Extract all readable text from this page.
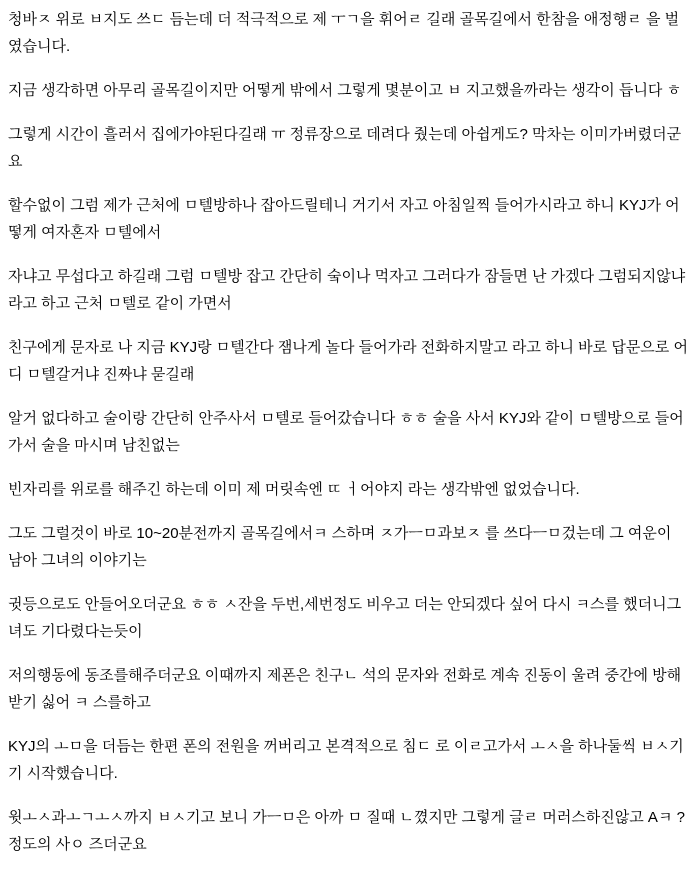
청바ㅈ 위로 ㅂ지도 쓰ㄷ 듬는데 더 적극적으로 제 ㅜㄱ을 휘어ㄹ 길래 골목길에서 한참을 애정행ㄹ 을 벌였습니다.

지금 생각하면 아무리 골목길이지만 어떻게 밖에서 그렇게 몇분이고 ㅂ 지고했을까라는 생각이 듭니다 ㅎ

그렇게 시간이 흘러서 집에가야된다길래 ㅠ 정류장으로 데려다 줬는데 아쉽게도? 막차는 이미가버렸더군요

할수없이 그럼 제가 근처에 ㅁ텔방하나 잡아드릴테니 거기서 자고 아침일찍 들어가시라고 하니 KYJ가 어떻게 여자혼자 ㅁ텔에서

자냐고 무섭다고 하길래 그럼 ㅁ텔방 잡고 간단히 숰이나 먹자고 그러다가 잠들면 난 가겠다 그럼되지않냐라고 하고 근처 ㅁ텔로 같이 가면서

친구에게 문자로 나 지금 KYJ랑 ㅁ텔간다 잼나게 놀다 들어가라 전화하지말고 라고 하니 바로 답문으로 어디 ㅁ텔갈거냐 진짜냐 묻길래

알거 없다하고 술이랑 간단히 안주사서 ㅁ텔로 들어갔습니다 ㅎㅎ 술을 사서 KYJ와 같이 ㅁ텔방으로 들어가서 술을 마시며 남친없는

빈자리를 위로를 해주긴 하는데 이미 제 머릿속엔 ㄸ ㅓ어야지 라는 생각밖엔 없었습니다.

그도 그럴것이 바로 10~20분전까지 골목길에서ㅋ 스하며 ㅈ가ㅡㅁ과보ㅈ 를 쓰다ㅡㅁ겄는데 그 여운이 남아 그녀의 이야기는

귓등으로도 안들어오더군요 ㅎㅎ ㅅ잔을 두번,세번정도 비우고 더는 안되겠다 싶어 다시 ㅋ스를 했더니그녀도 기다렸다는듯이

저의행동에 동조를해주더군요 이때까지 제폰은 친구ㄴ 석의 문자와 전화로 계속 진동이 울려 중간에 방해받기 싫어 ㅋ 스를하고

KYJ의 ㅗㅁ을 더듬는 한편 폰의 전원을 꺼버리고 본격적으로 침ㄷ 로 이ㄹ고가서 ㅗㅅ을 하나둘씩 ㅂㅅ기기 시작했습니다.

윗ㅗㅅ과ㅗㄱㅗㅅ까지 ㅂㅅ기고 보니 가ㅡㅁ은 아까 ㅁ 질때 ㄴ꼈지만 그렇게 글ㄹ 머러스하진않고 Aㅋ ? 정도의 사ㅇ 즈더군요
